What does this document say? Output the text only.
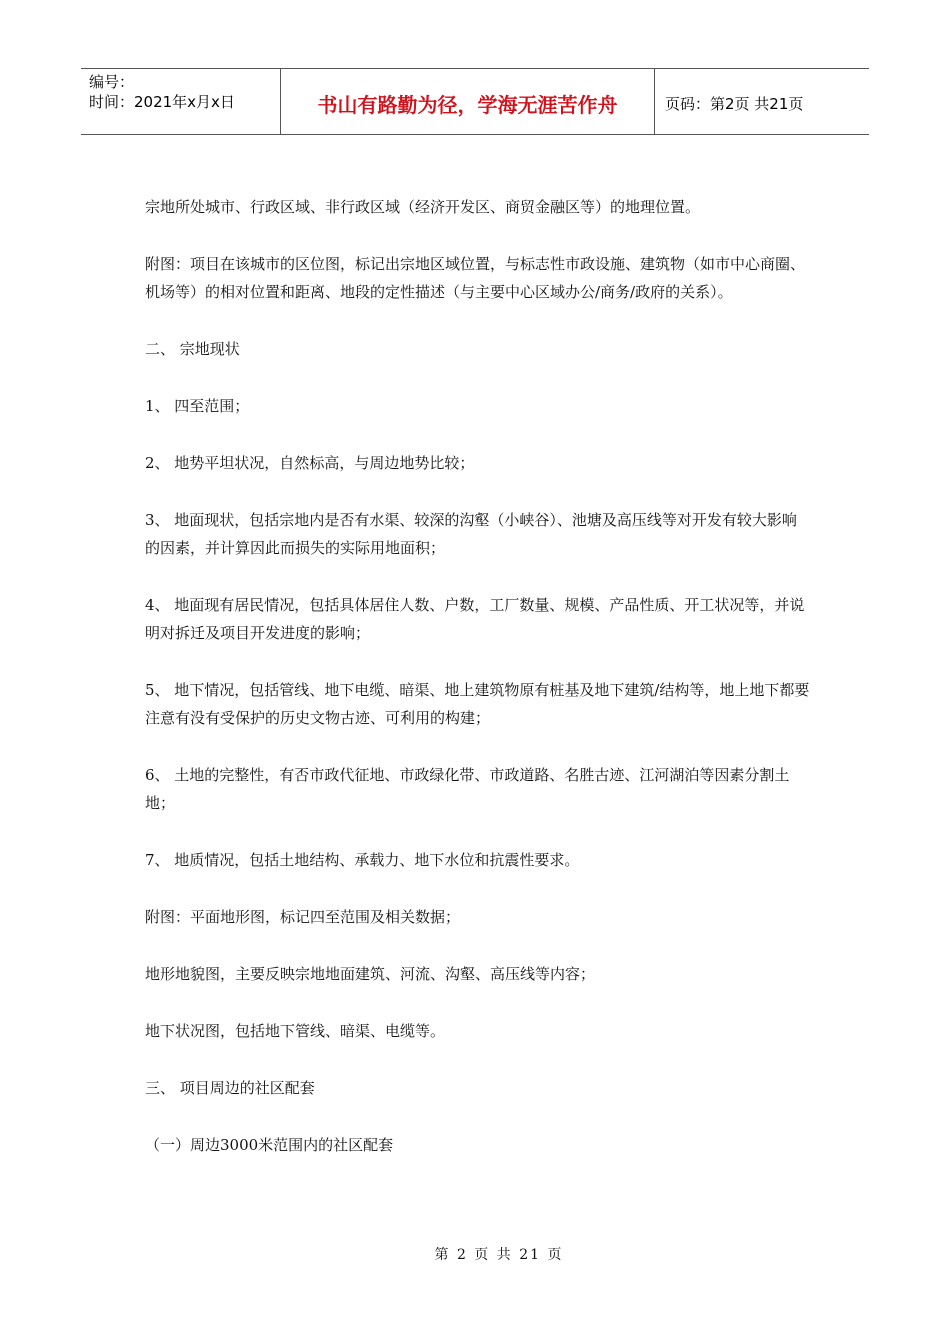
编号：
时间：2021年x月x日	书山有路勤为径，学海无涯苦作舟	页码：第2页 共21页

宗地所处城市、行政区域、非行政区域（经济开发区、商贸金融区等）的地理位置。

附图：项目在该城市的区位图，标记出宗地区域位置，与标志性市政设施、建筑物（如市中心商圈、机场等）的相对位置和距离、地段的定性描述（与主要中心区域办公/商务/政府的关系）。

二、 宗地现状

1、 四至范围；

2、 地势平坦状况，自然标高，与周边地势比较；

3、 地面现状，包括宗地内是否有水渠、较深的沟壑（小峡谷）、池塘及高压线等对开发有较大影响的因素，并计算因此而损失的实际用地面积；

4、 地面现有居民情况，包括具体居住人数、户数，工厂数量、规模、产品性质、开工状况等，并说明对拆迁及项目开发进度的影响；

5、 地下情况，包括管线、地下电缆、暗渠、地上建筑物原有桩基及地下建筑/结构等，地上地下都要注意有没有受保护的历史文物古迹、可利用的构建；

6、 土地的完整性，有否市政代征地、市政绿化带、市政道路、名胜古迹、江河湖泊等因素分割土地；

7、 地质情况，包括土地结构、承载力、地下水位和抗震性要求。

附图：平面地形图，标记四至范围及相关数据；

地形地貌图，主要反映宗地地面建筑、河流、沟壑、高压线等内容；

地下状况图，包括地下管线、暗渠、电缆等。

三、 项目周边的社区配套

（一）周边3000米范围内的社区配套

第 2 页 共 21 页
